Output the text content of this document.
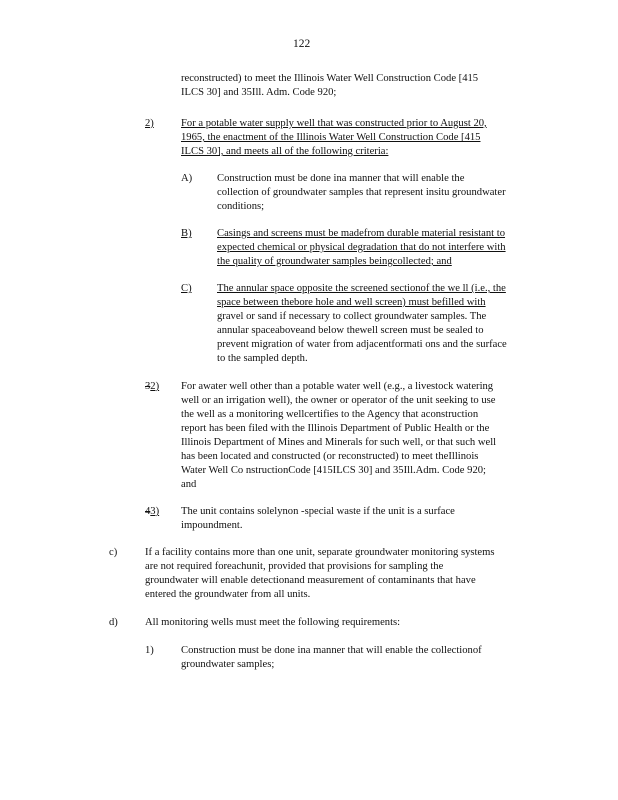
122
reconstructed) to meet the Illinois Water Well Construction Code [415
ILCS 30] and 35Ill. Adm. Code 920;
2)	For a potable water supply well that was constructed prior to August 20,
1965, the enactment of the Illinois Water Well Construction Code [415
ILCS 30], and meets all of the following criteria:
A) Construction must be done ina manner that will enable the
collection of groundwater samples that represent insitu groundwater
conditions;
B) Casings and screens must be madefrom durable material resistant to
expected chemical or physical degradation that do not interfere with
the quality of groundwater samples beingcollected; and
C) The annular space opposite the screened sectionof the we ll (i.e., the
space between thebore hole and well screen) must befilled with
gravel or sand if necessary to collect groundwater samples. The
annular spaceaboveand below thewell screen must be sealed to
prevent migration of water from adjacentformati ons and the surface
to the sampled depth.
32) For awater well other than a potable water well (e.g., a livestock watering
well or an irrigation well), the owner or operator of the unit seeking to use
the well as a monitoring wellcertifies to the Agency that aconstruction
report has been filed with the Illinois Department of Public Health or the
Illinois Department of Mines and Minerals for such well, or that such well
has been located and constructed (or reconstructed) to meet theIllinois
Water Well Co nstructionCode [415ILCS 30] and 35Ill.Adm. Code 920;
and
43) The unit contains solelynon -special waste if the unit is a surface
impoundment.
c)	If a facility contains more than one unit, separate groundwater monitoring systems
are not required foreachunit, provided that provisions for sampling the
groundwater will enable detectionand measurement of contaminants that have
entered the groundwater from all units.
d)	All monitoring wells must meet the following requirements:
1)	Construction must be done ina manner that will enable the collectionof
groundwater samples;
